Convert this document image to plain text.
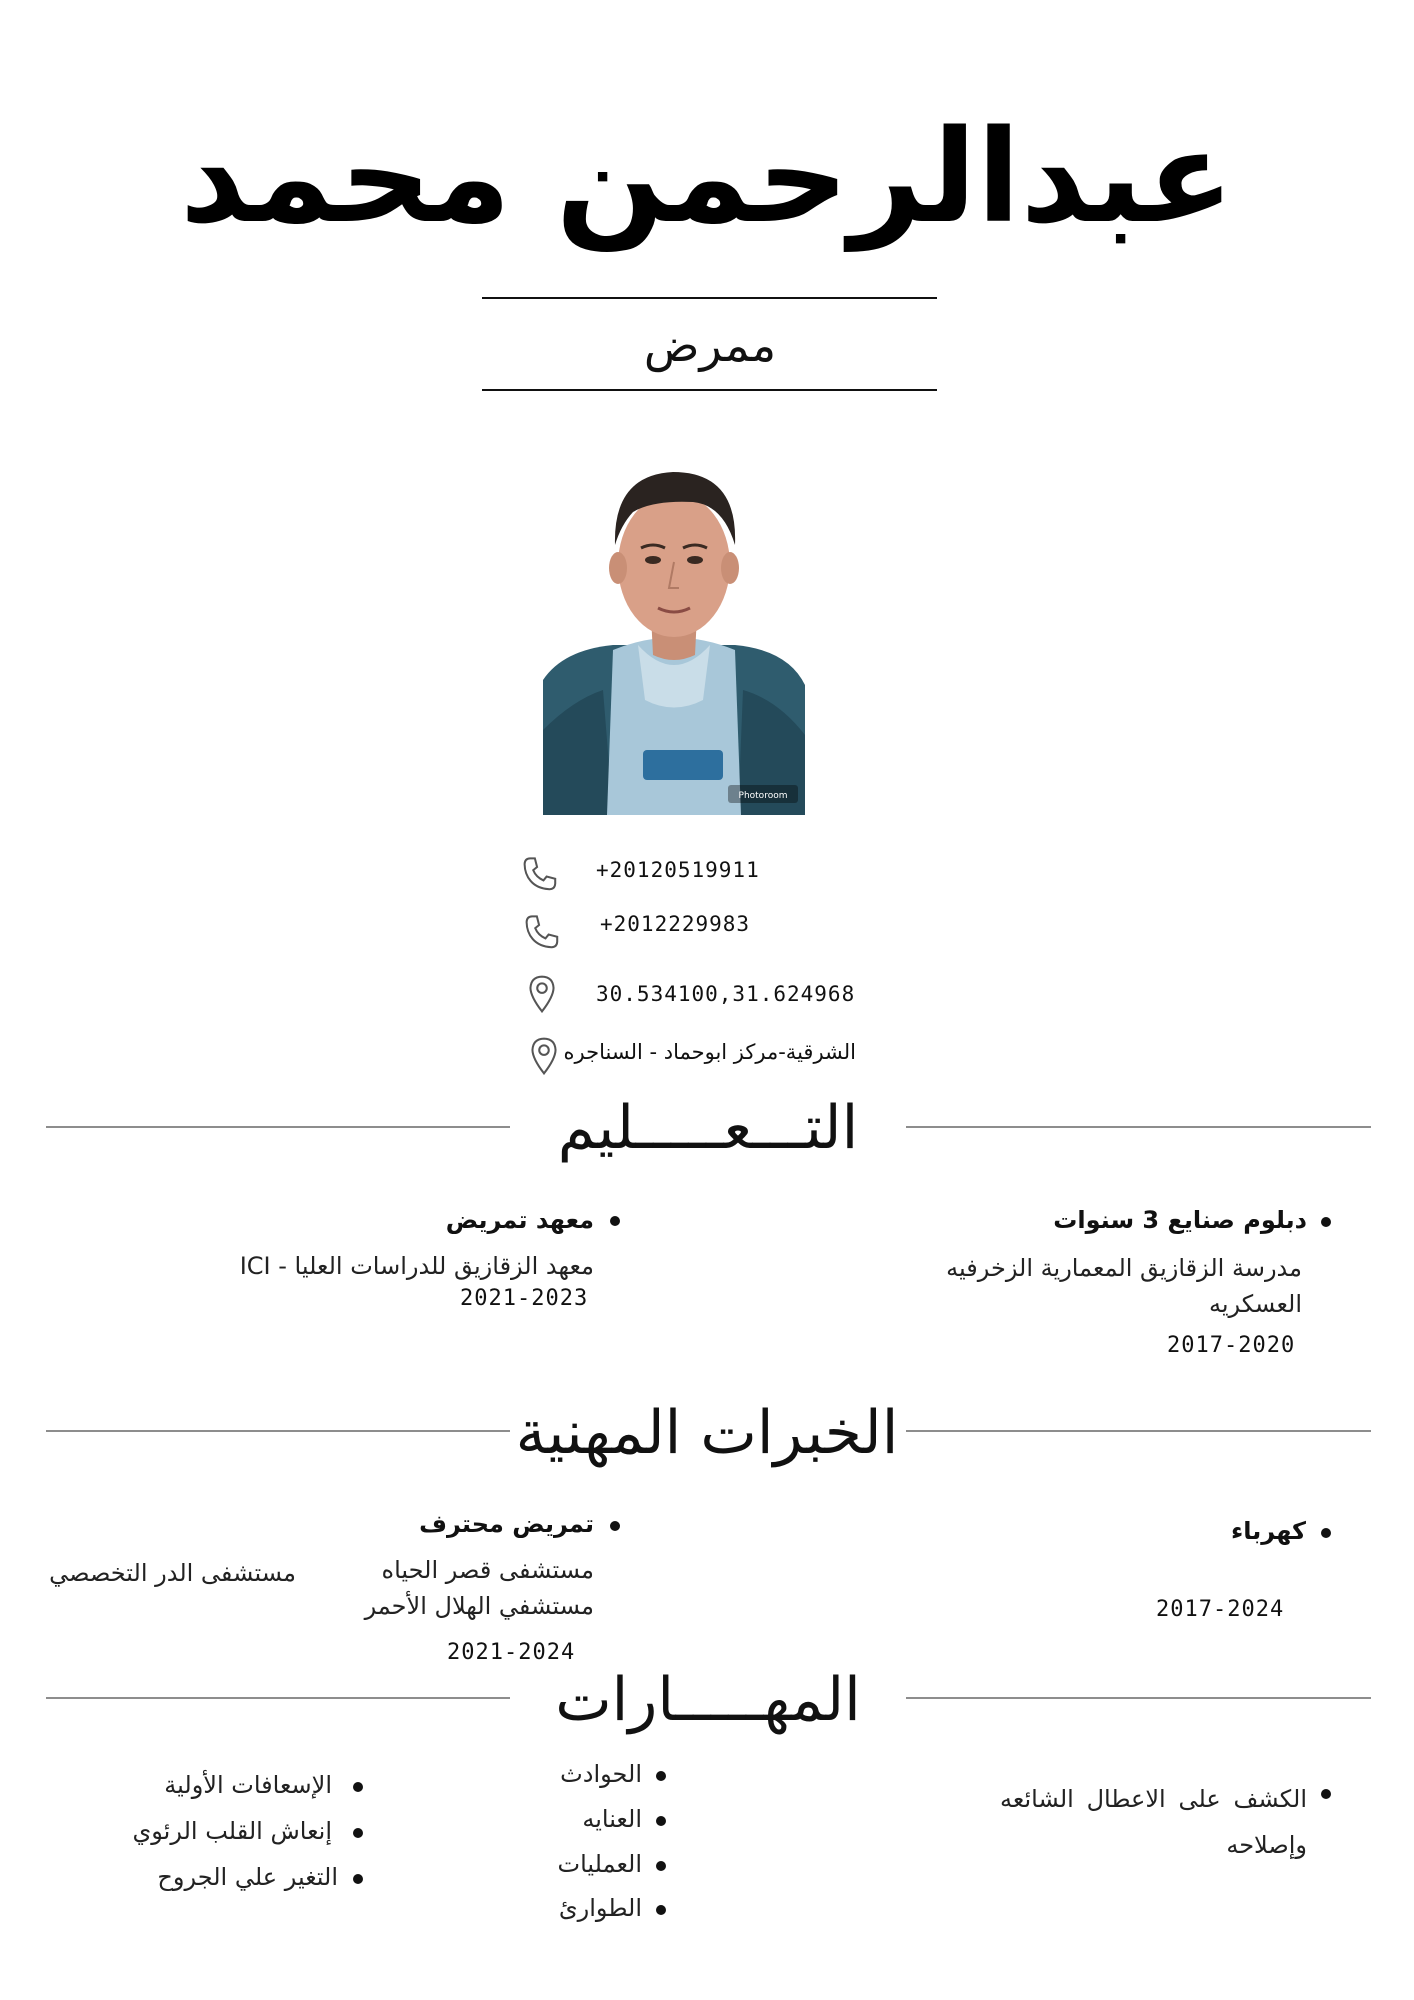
عبدالرحمن محمد
ممرض
Photoroom
+20120519911
+2012229983
30.534100,31.624968
الشرقية-مركز ابوحماد - السناجره
التـــعـــــليم
دبلوم صنايع 3 سنوات
مدرسة الزقازيق المعمارية الزخرفيه العسكريه
2017-2020
معهد تمريض
معهد الزقازيق للدراسات العليا - ICI
2021-2023
الخبرات المهنية
كهرباء
2017-2024
تمريض محترف
مستشفى قصر الحياه
مستشفي الهلال الأحمر
مستشفى الدر التخصصي
2021-2024
المهـــــارات
الكشف على الاعطال الشائعه وإصلاحه
الحوادث
العنايه
العمليات
الطوارئ
الإسعافات الأولية
إنعاش القلب الرئوي
التغير علي الجروح
